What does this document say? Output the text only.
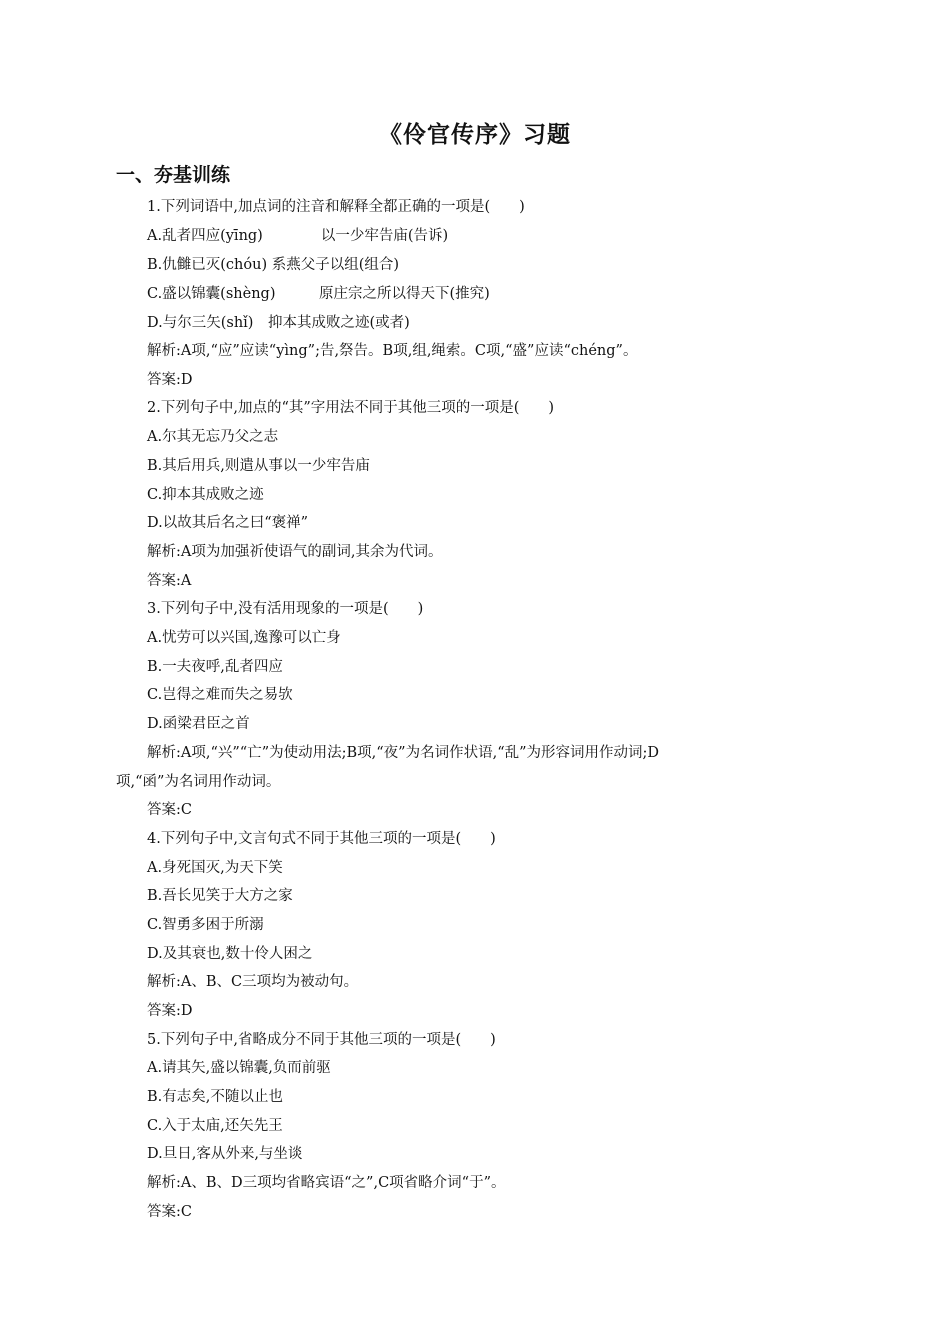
《伶官传序》习题
一、夯基训练

1.下列词语中,加点词的注音和解释全都正确的一项是(　　)

A.乱者四应(yīng)　　　　以一少牢告庙(告诉)

B.仇雠已灭(chóu) 系燕父子以组(组合)

C.盛以锦囊(shèng)　　　原庄宗之所以得天下(推究)

D.与尔三矢(shǐ)　抑本其成败之迹(或者)

解析:A项,“应”应读“yìng”;告,祭告。B项,组,绳索。C项,“盛”应读“chéng”。

答案:D

2.下列句子中,加点的“其”字用法不同于其他三项的一项是(　　)

A.尔其无忘乃父之志

B.其后用兵,则遣从事以一少牢告庙

C.抑本其成败之迹

D.以故其后名之曰“褒禅”

解析:A项为加强祈使语气的副词,其余为代词。

答案:A

3.下列句子中,没有活用现象的一项是(　　)

A.忧劳可以兴国,逸豫可以亡身

B.一夫夜呼,乱者四应

C.岂得之难而失之易欤

D.函梁君臣之首

解析:A项,“兴”“亡”为使动用法;B项,“夜”为名词作状语,“乱”为形容词用作动词;D

项,“函”为名词用作动词。

答案:C

4.下列句子中,文言句式不同于其他三项的一项是(　　)

A.身死国灭,为天下笑

B.吾长见笑于大方之家

C.智勇多困于所溺

D.及其衰也,数十伶人困之

解析:A、B、C三项均为被动句。

答案:D

5.下列句子中,省略成分不同于其他三项的一项是(　　)

A.请其矢,盛以锦囊,负而前驱

B.有志矣,不随以止也

C.入于太庙,还矢先王

D.旦日,客从外来,与坐谈

解析:A、B、D三项均省略宾语“之”,C项省略介词“于”。

答案:C
